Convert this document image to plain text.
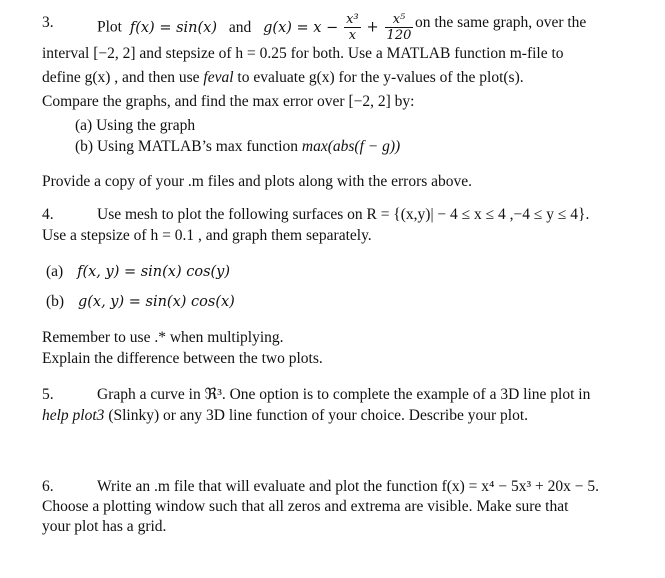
3.	Plot f(x) = sin(x) and $g(x) = x - \frac{\text{x³}}{x} + \frac{\text{x⁵}}{120}$ on the same graph, over the
interval [−2, 2] and stepsize of h = 0.25 for both. Use a MATLAB function m-file to
define g(x) , and then use feval to evaluate g(x) for the y-values of the plot(s).
Compare the graphs, and find the max error over [−2, 2] by:
(a) Using the graph
(b) Using MATLAB’s max function max(abs(f − g))
Provide a copy of your .m files and plots along with the errors above.
4.	Use mesh to plot the following surfaces on R = {(x,y)| − 4 ≤ x ≤ 4 ,−4 ≤ y ≤ 4}.
Use a stepsize of h = 0.1 , and graph them separately.
(a) f(x, y) = sin(x) cos(y)
(b) g(x, y) = sin(x) cos(x)
Remember to use .* when multiplying.
Explain the difference between the two plots.
5.	Graph a curve in ℜ³. One option is to complete the example of a 3D line plot in
help plot3 (Slinky) or any 3D line function of your choice. Describe your plot.
6.	Write an .m file that will evaluate and plot the function f(x) = x⁴ − 5x³ + 20x − 5.
Choose a plotting window such that all zeros and extrema are visible. Make sure that
your plot has a grid.
